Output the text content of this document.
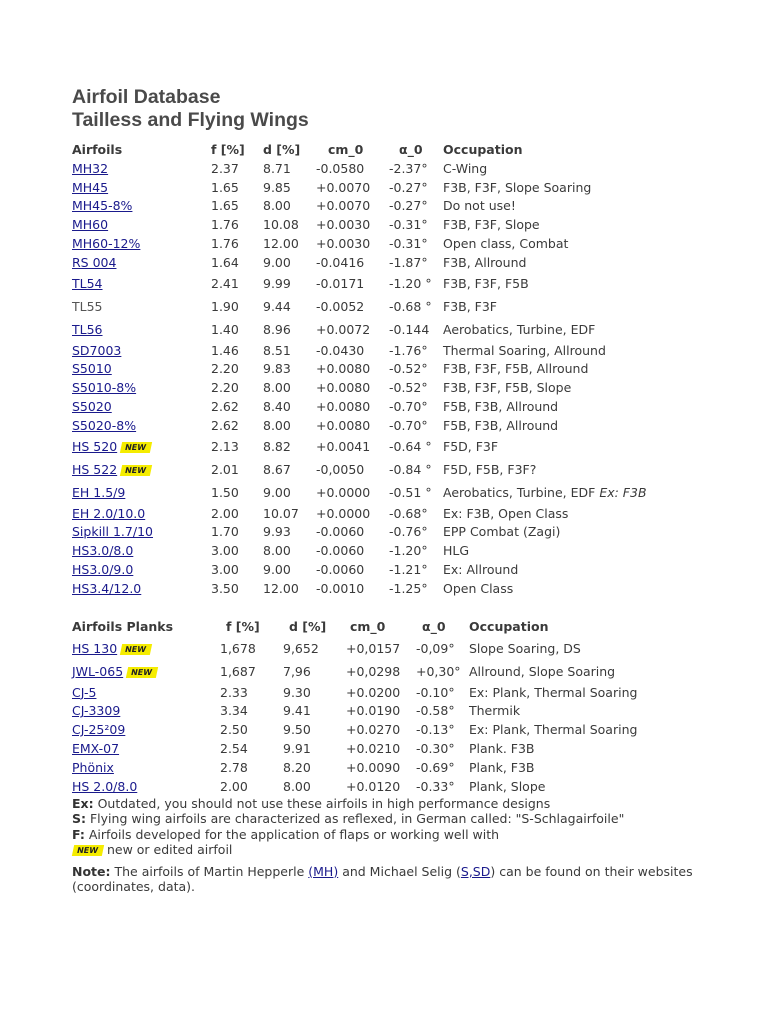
Airfoil Database
Tailless and Flying Wings
Airfoils	f [%]	d [%]	cm_0	α_0	Occupation
MH32	2.37	8.71	-0.0580	-2.37°	C-Wing
MH45	1.65	9.85	+0.0070	-0.27°	F3B, F3F, Slope Soaring
MH45-8%	1.65	8.00	+0.0070	-0.27°	Do not use!
MH60	1.76	10.08	+0.0030	-0.31°	F3B, F3F, Slope
MH60-12%	1.76	12.00	+0.0030	-0.31°	Open class, Combat
RS 004	1.64	9.00	-0.0416	-1.87°	F3B, Allround
TL54	2.41	9.99	-0.0171	-1.20 °	F3B, F3F, F5B
TL55	1.90	9.44	-0.0052	-0.68 °	F3B, F3F
TL56	1.40	8.96	+0.0072	-0.144	Aerobatics, Turbine, EDF
SD7003	1.46	8.51	-0.0430	-1.76°	Thermal Soaring, Allround
S5010	2.20	9.83	+0.0080	-0.52°	F3B, F3F, F5B, Allround
S5010-8%	2.20	8.00	+0.0080	-0.52°	F3B, F3F, F5B, Slope
S5020	2.62	8.40	+0.0080	-0.70°	F5B, F3B, Allround
S5020-8%	2.62	8.00	+0.0080	-0.70°	F5B, F3B, Allround
HS 520 NEW	2.13	8.82	+0.0041	-0.64 °	F5D, F3F
HS 522 NEW	2.01	8.67	-0,0050	-0.84 °	F5D, F5B, F3F?
EH 1.5/9	1.50	9.00	+0.0000	-0.51 °	Aerobatics, Turbine, EDF Ex: F3B
EH 2.0/10.0	2.00	10.07	+0.0000	-0.68°	Ex: F3B, Open Class
Sipkill 1.7/10	1.70	9.93	-0.0060	-0.76°	EPP Combat (Zagi)
HS3.0/8.0	3.00	8.00	-0.0060	-1.20°	HLG
HS3.0/9.0	3.00	9.00	-0.0060	-1.21°	Ex: Allround
HS3.4/12.0	3.50	12.00	-0.0010	-1.25°	Open Class
Airfoils Planks	f [%]	d [%]	cm_0	α_0	Occupation
HS 130 NEW	1,678	9,652	+0,0157	-0,09°	Slope Soaring, DS
JWL-065 NEW	1,687	7,96	+0,0298	+0,30°	Allround, Slope Soaring
CJ-5	2.33	9.30	+0.0200	-0.10°	Ex: Plank, Thermal Soaring
CJ-3309	3.34	9.41	+0.0190	-0.58°	Thermik
CJ-25²09	2.50	9.50	+0.0270	-0.13°	Ex: Plank, Thermal Soaring
EMX-07	2.54	9.91	+0.0210	-0.30°	Plank. F3B
Phönix	2.78	8.20	+0.0090	-0.69°	Plank, F3B
HS 2.0/8.0	2.00	8.00	+0.0120	-0.33°	Plank, Slope
Ex: Outdated, you should not use these airfoils in high performance designs
S: Flying wing airfoils are characterized as reflexed, in German called: "S-Schlagairfoile"
F: Airfoils developed for the application of flaps or working well with
NEW new or edited airfoil
Note: The airfoils of Martin Hepperle (MH) and Michael Selig (S,SD) can be found on their websites (coordinates, data).
